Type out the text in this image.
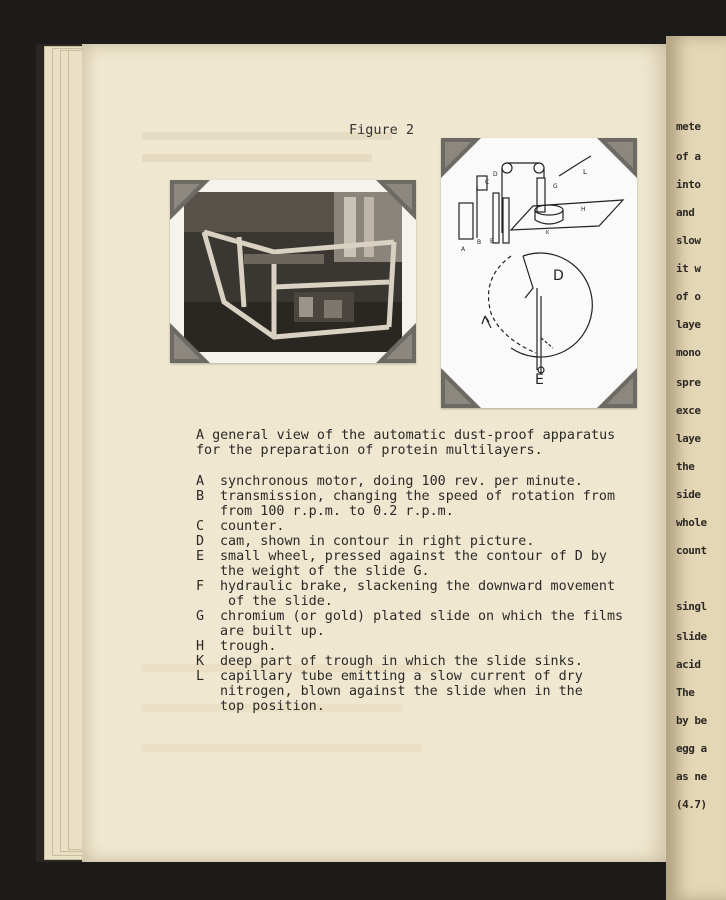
mete
of a
into
and
slow
it w
of o
laye
mono
spre
exce
laye
the
side
whole
count
singl
slide
acid
The
by be
egg a
as ne
(4.7)
Figure 2
C
D
G
L
H
K
A
B E
D
E
A general view of the automatic dust-proof apparatus
for the preparation of protein multilayers.
A	synchronous motor, doing 100 rev. per minute.
B	transmission, changing the speed of rotation from
from 100 r.p.m. to 0.2 r.p.m.
C	counter.
D	cam, shown in contour in right picture.
E	small wheel, pressed against the contour of D by
the weight of the slide G.
F	hydraulic brake, slackening the downward movement
of the slide.
G	chromium (or gold) plated slide on which the films
are built up.
H	trough.
K	deep part of trough in which the slide sinks.
L	capillary tube emitting a slow current of dry
nitrogen, blown against the slide when in the
top position.
